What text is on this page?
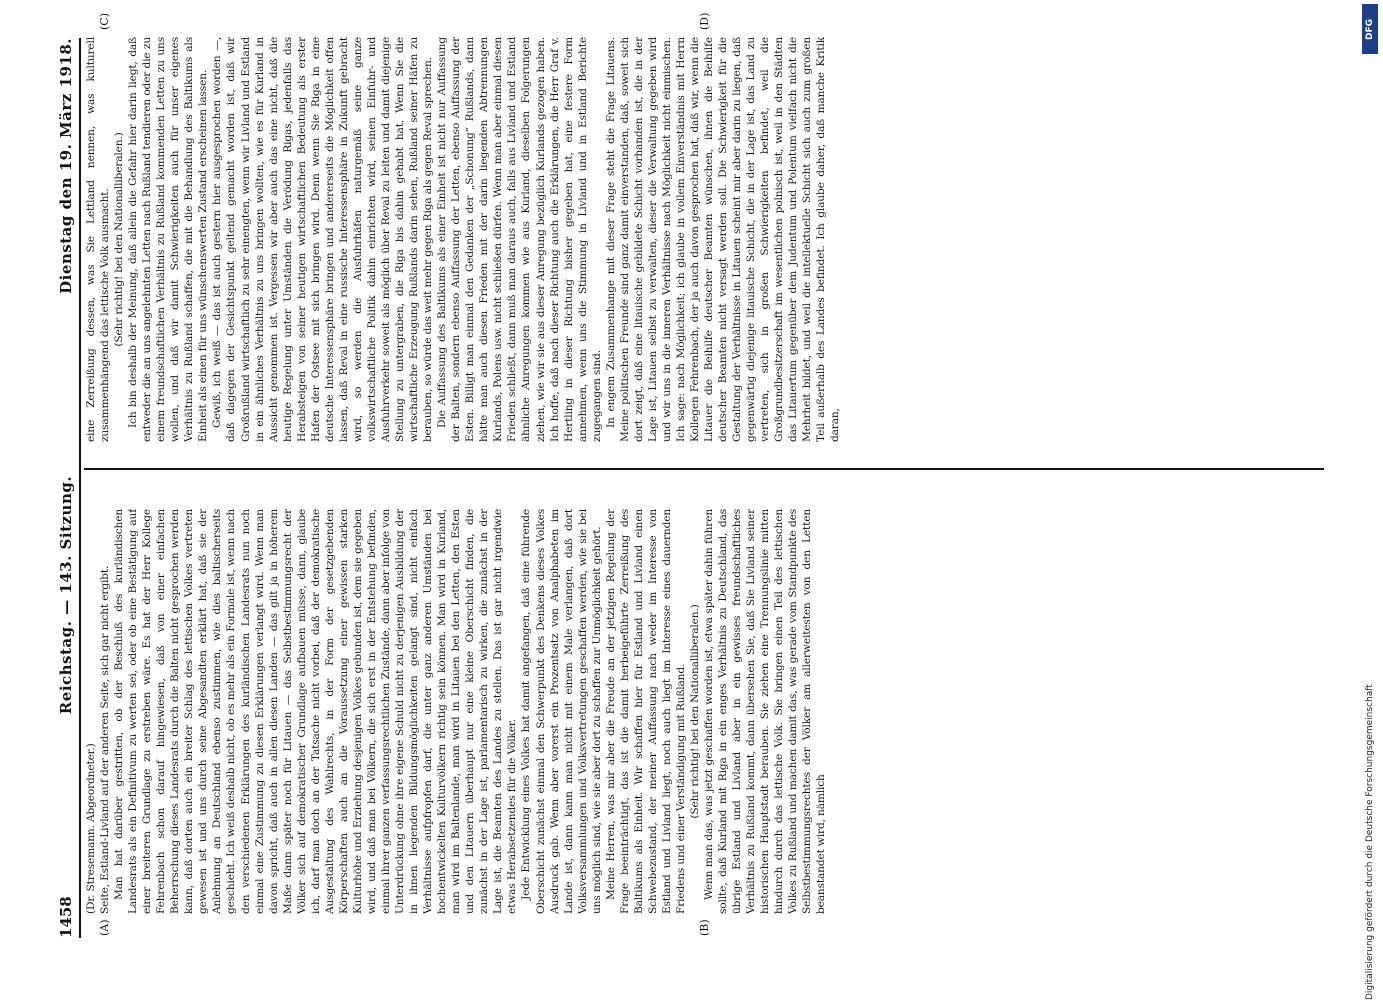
1458
Reichstag. — 143. Sitzung.
Dienstag den 19. März 1918.
(A)	(B)
(C)	(D)

(Dr. Stresemann. Abgeordneter.) Seite, Estland-Livland auf der anderen Seite, sich gar nicht ergibt. Man hat darüber gestritten, ob der Beschluß des kurländischen Landesrats als ein Definitivum zu werten sei, oder ob eine Bestätigung auf einer breiteren Grundlage zu erstreben wäre. Es hat der Herr Kollege Fehrenbach schon darauf hingewiesen, daß von einer einfachen Beherrschung dieses Landesrats durch die Balten nicht gesprochen werden kann, daß dorten auch ein breiter Schlag des lettischen Volkes vertreten gewesen ist und uns durch seine Abgesandten erklärt hat, daß sie der Anlehnung an Deutschland ebenso zustimmen, wie dies baltischerseits geschieht. Ich weiß deshalb nicht, ob es mehr als ein Formale ist, wenn nach den verschiedenen Erklärungen des kurländischen Landesrats nun noch einmal eine Zustimmung zu diesen Erklärungen verlangt wird. Wenn man davon spricht, daß auch in allen diesen Landen — das gilt ja in höherem Maße dann später noch für Litauen — das Selbstbestimmungsrecht der Völker sich auf demokratischer Grundlage aufbauen müsse, dann, glaube ich, darf man doch an der Tatsache nicht vorbei, daß der demokratische Ausgestaltung des Wahlrechts, in der Form der gesetzgebenden Körperschaften auch an die Voraussetzung einer gewissen starken Kulturhöhe und Erziehung desjenigen Volkes gebunden ist, dem sie gegeben wird, und daß man bei Völkern, die sich erst in der Entstehung befinden, einmal ihrer ganzen verfassungsrechtlichen Zustände, dann aber infolge von Unterdrückung ohne ihre eigene Schuld nicht zu derjenigen Ausbildung der in ihnen liegenden Bildungsmöglichkeiten gelangt sind, nicht einfach Verhältnisse aufpfropfen darf, die unter ganz anderen Umständen bei hochentwickelten Kulturvölkern richtig sein können. Man wird in Kurland, man wird im Baltenlande, man wird in Litauen bei den Letten, den Esten und den Litauern überhaupt nur eine kleine Oberschicht finden, die zunächst in der Lage ist, parlamentarisch zu wirken, die zunächst in der Lage ist, die Beamten des Landes zu stellen. Das ist gar nicht irgendwie etwas Herabsetzendes für die Völker. Jede Entwicklung eines Volkes hat damit angefangen, daß eine führende Oberschicht zunächst einmal den Schwerpunkt des Denkens dieses Volkes Ausdruck gab. Wenn aber vorerst ein Prozentsatz von Analphabeten im Lande ist, dann kann man nicht mit einem Male verlangen, daß dort Volksversammlungen und Volksvertretungen geschaffen werden, wie sie bei uns möglich sind, wie sie aber dort zu schaffen zur Unmöglichkeit gehört. Meine Herren, was mir aber die Freude an der jetzigen Regelung der Frage beeinträchtigt, das ist die damit herbeigeführte Zerreißung des Baltikums als Einheit. Wir schaffen hier für Estland und Livland einen Schwebezustand, der meiner Auffassung nach weder im Interesse von Estland und Livland liegt, noch auch liegt im Interesse eines dauernden Friedens und einer Verständigung mit Rußland. (Sehr richtig! bei den Nationalliberalen.) Wenn man das, was jetzt geschaffen worden ist, etwa später dahin führen sollte, daß Kurland mit Riga in ein enges Verhältnis zu Deutschland, das übrige Estland und Livland aber in ein gewisses freundschaftliches Verhältnis zu Rußland kommt, dann übersehen Sie, daß Sie Livland seiner historischen Hauptstadt berauben. Sie ziehen eine Trennungslinie mitten hindurch durch das lettische Volk. Sie bringen einen Teil des lettischen Volkes zu Rußland und machen damit das, was gerade vom Standpunkte des Selbstbestimmungsrechtes der Völker am allerweitesten von den Letten beanstandet wird, nämlich

eine Zerreißung dessen, was Sie Lettland nennen, was kulturell zusammenhängend das lettische Volk ausmacht. (Sehr richtig! bei den Nationalliberalen.) Ich bin deshalb der Meinung, daß allein die Gefahr hier darin liegt, daß entweder die an uns angelehnten Letten nach Rußland tendieren oder die zu einem freundschaftlichen Verhältnis zu Rußland kommenden Letten zu uns wollen, und daß wir damit Schwierigkeiten auch für unser eigenes Verhältnis zu Rußland schaffen, die mit die Behandlung des Baltikums als Einheit als einen für uns wünschenswerten Zustand erscheinen lassen. Gewiß, ich weiß — das ist auch gestern hier ausgesprochen worden —, daß dagegen der Gesichtspunkt geltend gemacht worden ist, daß wir Großrußland wirtschaftlich zu sehr einengten, wenn wir Livland und Estland in ein ähnliches Verhältnis zu uns bringen wollten, wie es für Kurland in Aussicht genommen ist. Vergessen wir aber auch das eine nicht, daß die heutige Regelung unter Umständen die Verödung Rigas, jedenfalls das Herabsteigen von seiner heutigen wirtschaftlichen Bedeutung als erster Hafen der Ostsee mit sich bringen wird. Denn wenn Sie Riga in eine deutsche Interessensphäre bringen und andererseits die Möglichkeit offen lassen, daß Reval in eine russische Interessensphäre in Zukunft gebracht wird, so werden die Ausfuhrhäfen naturgemäß seine ganze volkswirtschaftliche Politik dahin einrichten wird, seinen Einfuhr- und Ausfuhrverkehr soweit als möglich über Reval zu leiten und damit diejenige Stellung zu untergraben, die Riga bis dahin gehabt hat. Wenn Sie die wirtschaftliche Erzeugung Rußlands darin sehen, Rußland seiner Häfen zu berauben, so würde das weit mehr gegen Riga als gegen Reval sprechen. Die Auffassung des Baltikums als einer Einheit ist nicht nur Auffassung der Balten, sondern ebenso Auffassung der Letten, ebenso Auffassung der Esten. Billigt man einmal den Gedanken der „Schonung“ Rußlands, dann hätte man auch diesen Frieden mit der darin liegenden Abtrennungen Kurlands, Polens usw. nicht schließen dürfen. Wenn man aber einmal diesen Frieden schließt, dann muß man daraus auch, falls aus Livland und Estland ähnliche Anregungen kommen wie aus Kurland, dieselben Folgerungen ziehen, wie wir sie aus dieser Anregung bezüglich Kurlands gezogen haben. Ich hoffe, daß nach dieser Richtung auch die Erklärungen, die Herr Graf v. Hertling in dieser Richtung bisher gegeben hat, eine festere Form annehmen, wenn uns die Stimmung in Livland und in Estland Berichte zugegangen sind. In engem Zusammenhange mit dieser Frage steht die Frage Litauens. Meine politischen Freunde sind ganz damit einverstanden, daß, soweit sich dort zeigt, daß eine litauische gebildete Schicht vorhanden ist, die in der Lage ist, Litauen selbst zu verwalten, dieser die Verwaltung gegeben wird und wir uns in die inneren Verhältnisse nach Möglichkeit nicht einmischen. Ich sage: nach Möglichkeit; ich glaube in vollem Einverständnis mit Herrn Kollegen Fehrenbach, der ja auch davon gesprochen hat, daß wir, wenn die Litauer die Beihilfe deutscher Beamten wünschen, ihnen die Beihilfe deutscher Beamten nicht versagt werden soll. Die Schwierigkeit für die Gestaltung der Verhältnisse in Litauen scheint mir aber darin zu liegen, daß gegenwärtig diejenige litauische Schicht, die in der Lage ist, das Land zu vertreten, sich in großen Schwierigkeiten befindet, weil die Großgrundbesitzerschaft im wesentlichen polnisch ist, weil in den Städten das Litauertum gegenüber dem Judentum und Polentum vielfach nicht die Mehrheit bildet, und weil die intellektuelle Schicht sich auch zum großen Teil außerhalb des Landes befindet. Ich glaube daher, daß manche Kritik daran,

DFG
Digitalisierung gefördert durch die Deutsche Forschungsgemeinschaft
